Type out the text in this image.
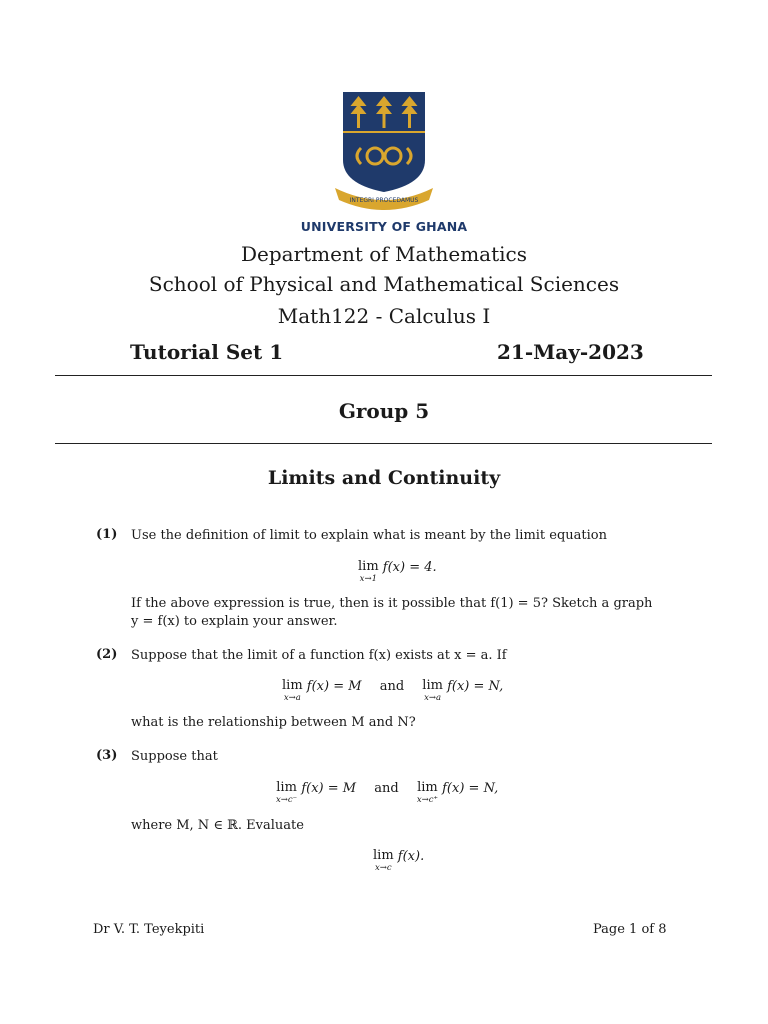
INTEGRI PROCEDAMUS
UNIVERSITY OF GHANA
Department of Mathematics
School of Physical and Mathematical Sciences
Math122 - Calculus I
Tutorial Set 1	21-May-2023
Group 5
Limits and Continuity
(1) Use the definition of limit to explain what is meant by the limit equation
lim
x→1
f(x) = 4.
If the above expression is true, then is it possible that f(1) = 5? Sketch a graph
y = f(x) to explain your answer.
(2) Suppose that the limit of a function f(x) exists at x = a. If
lim
x→a
f(x) = M and lim
x→a
f(x) = N,
what is the relationship between M and N?
(3) Suppose that
lim
x→c⁻
f(x) = M and lim
x→c⁺
f(x) = N,
where M, N ∈ ℝ. Evaluate
lim
x→c
f(x).
Dr V. T. Teyekpiti	Page 1 of 8
